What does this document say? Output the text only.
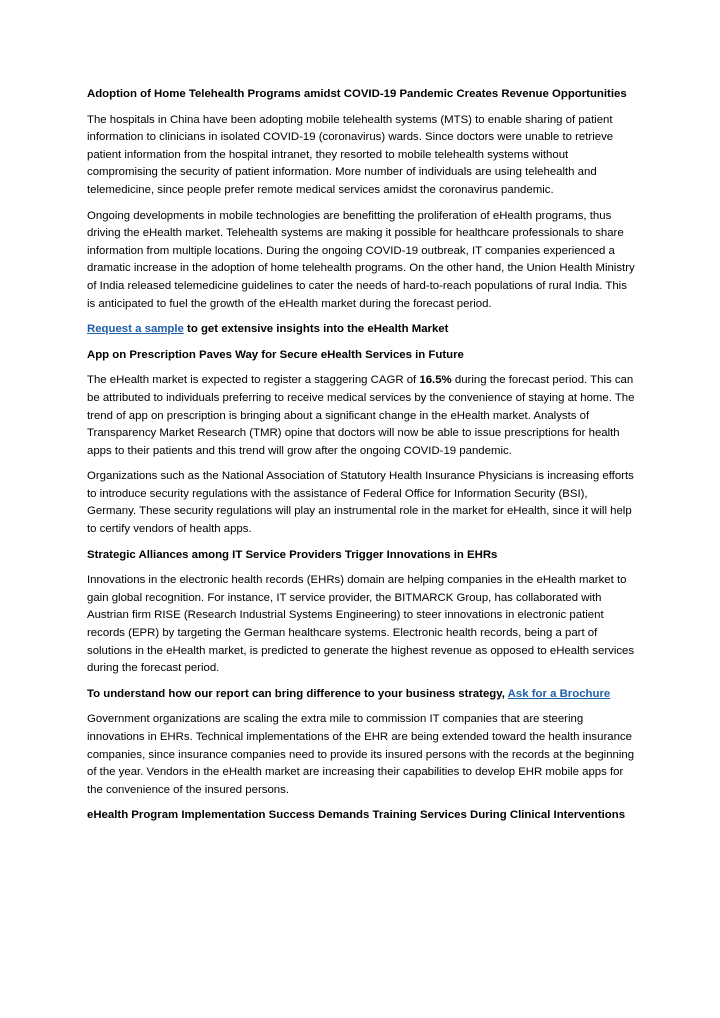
Adoption of Home Telehealth Programs amidst COVID-19 Pandemic Creates Revenue Opportunities

The hospitals in China have been adopting mobile telehealth systems (MTS) to enable sharing of patient information to clinicians in isolated COVID-19 (coronavirus) wards. Since doctors were unable to retrieve patient information from the hospital intranet, they resorted to mobile telehealth systems without compromising the security of patient information. More number of individuals are using telehealth and telemedicine, since people prefer remote medical services amidst the coronavirus pandemic.

Ongoing developments in mobile technologies are benefitting the proliferation of eHealth programs, thus driving the eHealth market. Telehealth systems are making it possible for healthcare professionals to share information from multiple locations. During the ongoing COVID-19 outbreak, IT companies experienced a dramatic increase in the adoption of home telehealth programs. On the other hand, the Union Health Ministry of India released telemedicine guidelines to cater the needs of hard-to-reach populations of rural India. This is anticipated to fuel the growth of the eHealth market during the forecast period.

Request a sample to get extensive insights into the eHealth Market

App on Prescription Paves Way for Secure eHealth Services in Future

The eHealth market is expected to register a staggering CAGR of 16.5% during the forecast period. This can be attributed to individuals preferring to receive medical services by the convenience of staying at home. The trend of app on prescription is bringing about a significant change in the eHealth market. Analysts of Transparency Market Research (TMR) opine that doctors will now be able to issue prescriptions for health apps to their patients and this trend will grow after the ongoing COVID-19 pandemic.

Organizations such as the National Association of Statutory Health Insurance Physicians is increasing efforts to introduce security regulations with the assistance of Federal Office for Information Security (BSI), Germany. These security regulations will play an instrumental role in the market for eHealth, since it will help to certify vendors of health apps.

Strategic Alliances among IT Service Providers Trigger Innovations in EHRs

Innovations in the electronic health records (EHRs) domain are helping companies in the eHealth market to gain global recognition. For instance, IT service provider, the BITMARCK Group, has collaborated with Austrian firm RISE (Research Industrial Systems Engineering) to steer innovations in electronic patient records (EPR) by targeting the German healthcare systems. Electronic health records, being a part of solutions in the eHealth market, is predicted to generate the highest revenue as opposed to eHealth services during the forecast period.

To understand how our report can bring difference to your business strategy, Ask for a Brochure

Government organizations are scaling the extra mile to commission IT companies that are steering innovations in EHRs. Technical implementations of the EHR are being extended toward the health insurance companies, since insurance companies need to provide its insured persons with the records at the beginning of the year. Vendors in the eHealth market are increasing their capabilities to develop EHR mobile apps for the convenience of the insured persons.

eHealth Program Implementation Success Demands Training Services During Clinical Interventions
